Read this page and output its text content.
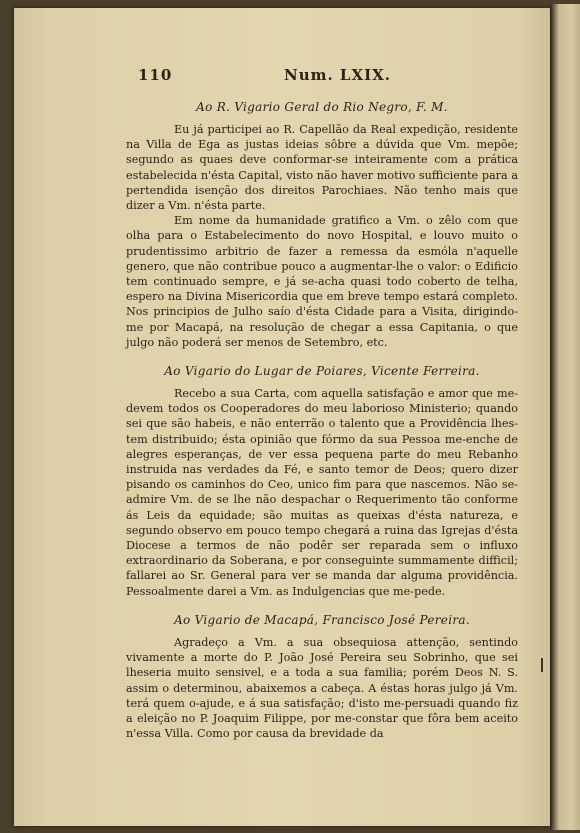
110	Num. LXIX.
Ao R. Vigario Geral do Rio Negro, F. M.

Eu já participei ao R. Capellão da Real expedição, residente na Villa de Ega as justas ideias sôbre a dúvida que Vm. mepõe; segundo as quaes deve conformar-se inteiramente com a prática estabelecida n'ésta Capital, visto não haver motivo sufficiente para a pertendida isenção dos direitos Parochiaes. Não tenho mais que dizer a Vm. n'ésta parte.

Em nome da humanidade gratifico a Vm. o zêlo com que olha para o Estabelecimento do novo Hospital, e louvo muito o prudentissimo arbitrio de fazer a remessa da esmóla n'aquelle genero, que não contribue pouco a augmentar-lhe o valor: o Edificio tem continuado sempre, e já se-acha quasi todo coberto de telha, espero na Divina Misericordia que em breve tempo estará completo. Nos principios de Julho saío d'ésta Cidade para a Visita, dirigindo-me por Macapá, na resolução de chegar a essa Capitania, o que julgo não poderá ser menos de Setembro, etc.

Ao Vigario do Lugar de Poiares, Vicente Ferreira.

Recebo a sua Carta, com aquella satisfação e amor que me-devem todos os Cooperadores do meu laborioso Ministerio; quando sei que são habeis, e não enterrão o talento que a Providência lhes-tem distribuido; ésta opinião que fórmo da sua Pessoa me-enche de alegres esperanças, de ver essa pequena parte do meu Rebanho instruida nas verdades da Fé, e santo temor de Deos; quero dizer pisando os caminhos do Ceo, unico fim para que nascemos. Não se-admire Vm. de se lhe não despachar o Requerimento tão conforme ás Leis da equidade; são muitas as queixas d'ésta natureza, e segundo observo em pouco tempo chegará a ruina das Igrejas d'ésta Diocese a termos de não podêr ser reparada sem o influxo extraordinario da Soberana, e por conseguinte summamente difficil; fallarei ao Sr. General para ver se manda dar alguma providência. Pessoalmente darei a Vm. as Indulgencias que me-pede.

Ao Vigario de Macapá, Francisco José Pereira.

Agradeço a Vm. a sua obsequiosa attenção, sentindo vivamente a morte do P. João José Pereira seu Sobrinho, que sei lheseria muito sensivel, e a toda a sua familia; porém Deos N. S. assim o determinou, abaixemos a cabeça. A éstas horas julgo já Vm. terá quem o-ajude, e á sua satisfação; d'isto me-persuadi quando fiz a eleição no P. Joaquim Filippe, por me-constar que fôra bem aceito n'essa Villa. Como por causa da brevidade da
